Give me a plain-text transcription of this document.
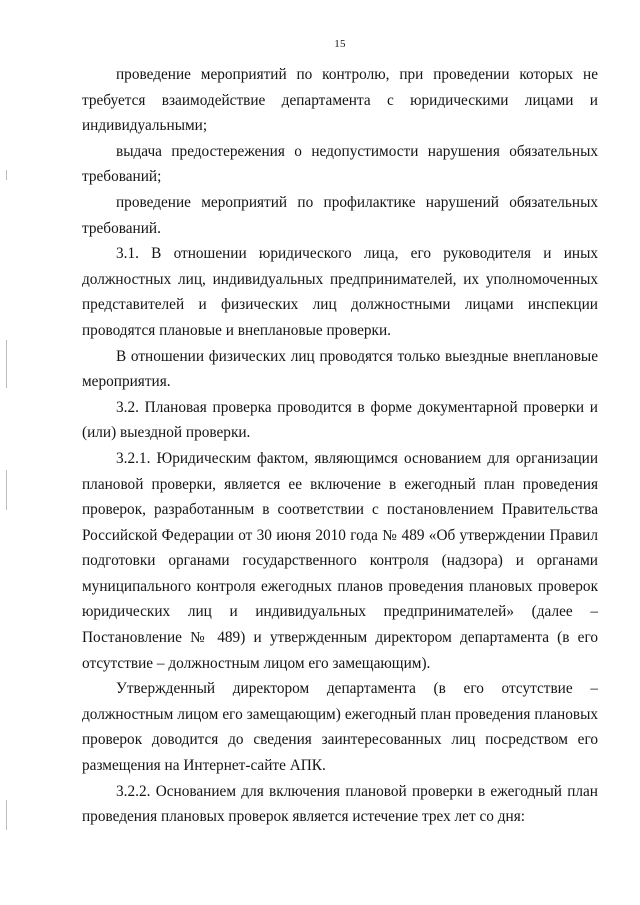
15

проведение мероприятий по контролю, при проведении которых не требуется взаимодействие департамента с юридическими лицами и индивидуальными;

выдача предостережения о недопустимости нарушения обязательных требований;

проведение мероприятий по профилактике нарушений обязательных требований.

3.1. В отношении юридического лица, его руководителя и иных должностных лиц, индивидуальных предпринимателей, их уполномоченных представителей и физических лиц должностными лицами инспекции проводятся плановые и внеплановые проверки.

В отношении физических лиц проводятся только выездные внеплановые мероприятия.

3.2. Плановая проверка проводится в форме документарной проверки и (или) выездной проверки.

3.2.1. Юридическим фактом, являющимся основанием для организации плановой проверки, является ее включение в ежегодный план проведения проверок, разработанным в соответствии с постановлением Правительства Российской Федерации от 30 июня 2010 года № 489 «Об утверждении Правил подготовки органами государственного контроля (надзора) и органами муниципального контроля ежегодных планов проведения плановых проверок юридических лиц и индивидуальных предпринимателей» (далее – Постановление № 489) и утвержденным директором департамента (в его отсутствие – должностным лицом его замещающим).

Утвержденный директором департамента (в его отсутствие – должностным лицом его замещающим) ежегодный план проведения плановых проверок доводится до сведения заинтересованных лиц посредством его размещения на Интернет-сайте АПК.

3.2.2. Основанием для включения плановой проверки в ежегодный план проведения плановых проверок является истечение трех лет со дня:
